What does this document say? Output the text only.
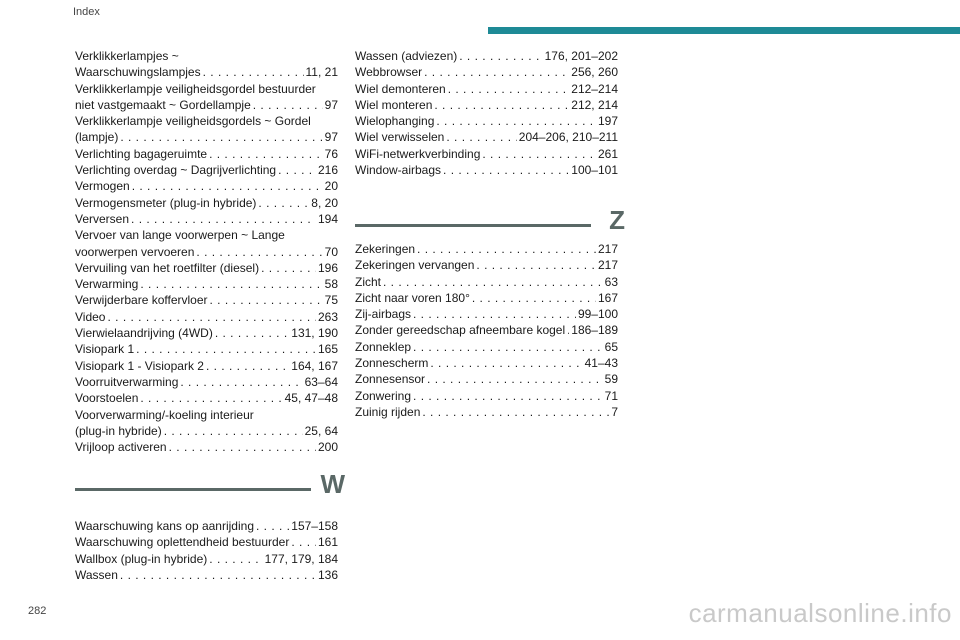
Index
Verklikkerlampjes ~
Waarschuwingslampjes . . .	11, 21
Verklikkerlampje veiligheidsgordel bestuurder
niet vastgemaakt ~ Gordellampje . . .	97
Verklikkerlampje veiligheidsgordels ~ Gordel
(lampje) . . .	97
Verlichting bagageruimte . . .	76
Verlichting overdag ~ Dagrijverlichting . . .	216
Vermogen . . .	20
Vermogensmeter (plug-in hybride) . . .	8, 20
Verversen . . .	194
Vervoer van lange voorwerpen ~ Lange
voorwerpen vervoeren . . .	70
Vervuiling van het roetfilter (diesel) . . .	196
Verwarming . . .	58
Verwijderbare koffervloer . . .	75
Video . . .	263
Vierwielaandrijving (4WD) . . .	131, 190
Visiopark 1 . . .	165
Visiopark 1 - Visiopark 2 . . .	164, 167
Voorruitverwarming . . .	63–64
Voorstoelen . . .	45, 47–48
Voorverwarming/-koeling interieur
(plug-in hybride) . . .	25, 64
Vrijloop activeren . . .	200
W
Waarschuwing kans op aanrijding . . .	157–158
Waarschuwing oplettendheid bestuurder . . . 161
Wallbox (plug-in hybride) . . .	177, 179, 184
Wassen . . .	136
Wassen (adviezen) . . .	176, 201–202
Webbrowser . . .	256, 260
Wiel demonteren . . .	212–214
Wiel monteren . . .	212, 214
Wielophanging . . .	197
Wiel verwisselen . . .	204–206, 210–211
WiFi-netwerkverbinding . . .	261
Window-airbags . . .	100–101
Z
Zekeringen . . .	217
Zekeringen vervangen . . .	217
Zicht . . .	63
Zicht naar voren 180° . . .	167
Zij-airbags . . .	99–100
Zonder gereedschap afneembare kogel . . . 186–189
Zonneklep . . .	65
Zonnescherm . . .	41–43
Zonnesensor . . .	59
Zonwering . . .	71
Zuinig rijden . . .	7
282	carmanualsonline.info
